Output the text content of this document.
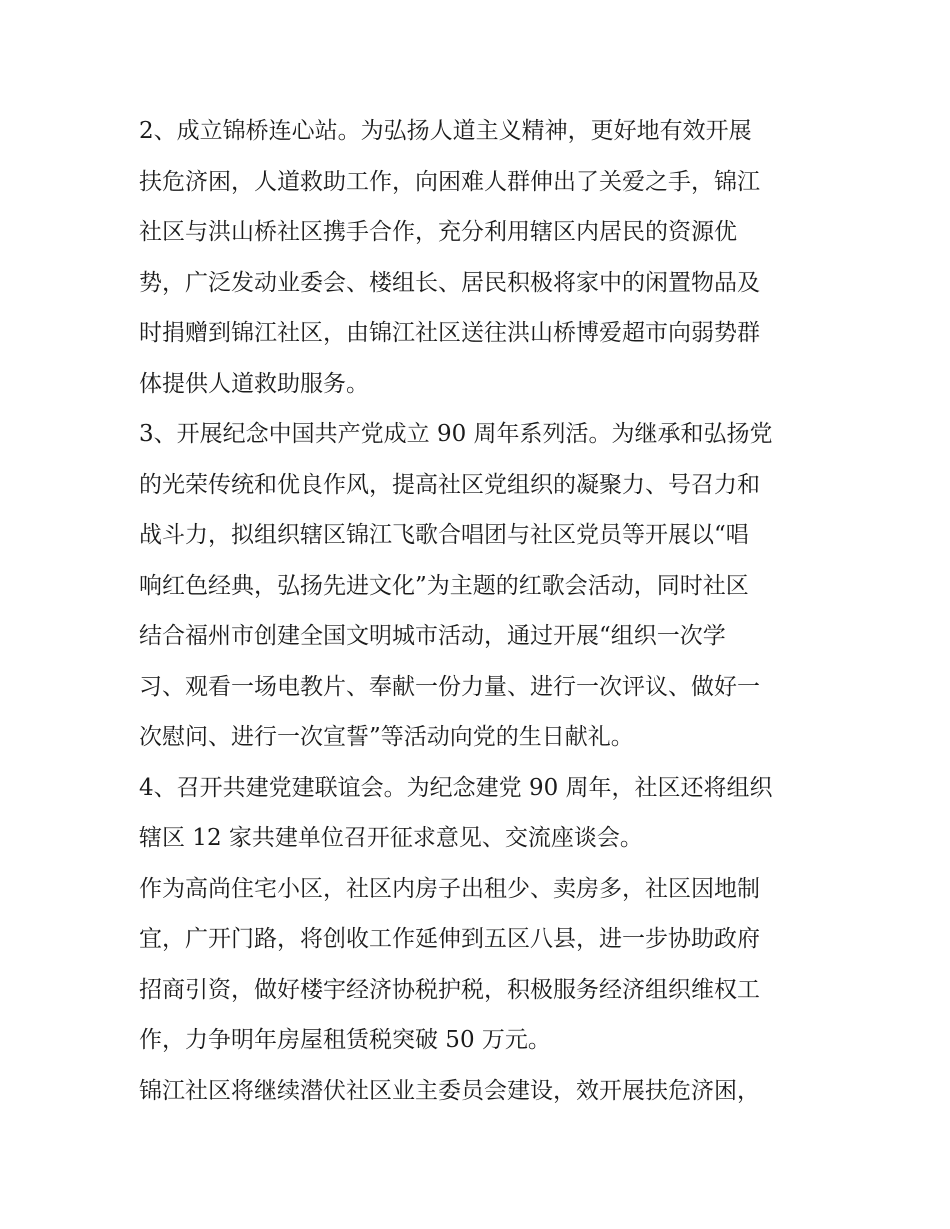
2、成立锦桥连心站。为弘扬人道主义精神，更好地有效开展

扶危济困，人道救助工作，向困难人群伸出了关爱之手，锦江

社区与洪山桥社区携手合作，充分利用辖区内居民的资源优

势，广泛发动业委会、楼组长、居民积极将家中的闲置物品及

时捐赠到锦江社区，由锦江社区送往洪山桥博爱超市向弱势群

体提供人道救助服务。

3、开展纪念中国共产党成立 90 周年系列活。为继承和弘扬党

的光荣传统和优良作风，提高社区党组织的凝聚力、号召力和

战斗力，拟组织辖区锦江飞歌合唱团与社区党员等开展以“唱

响红色经典，弘扬先进文化”为主题的红歌会活动，同时社区

结合福州市创建全国文明城市活动，通过开展“组织一次学

习、观看一场电教片、奉献一份力量、进行一次评议、做好一

次慰问、进行一次宣誓”等活动向党的生日献礼。

4、召开共建党建联谊会。为纪念建党 90 周年，社区还将组织

辖区 12 家共建单位召开征求意见、交流座谈会。

作为高尚住宅小区，社区内房子出租少、卖房多，社区因地制

宜，广开门路，将创收工作延伸到五区八县，进一步协助政府

招商引资，做好楼宇经济协税护税，积极服务经济组织维权工

作，力争明年房屋租赁税突破 50 万元。

锦江社区将继续潜伏社区业主委员会建设，效开展扶危济困，
